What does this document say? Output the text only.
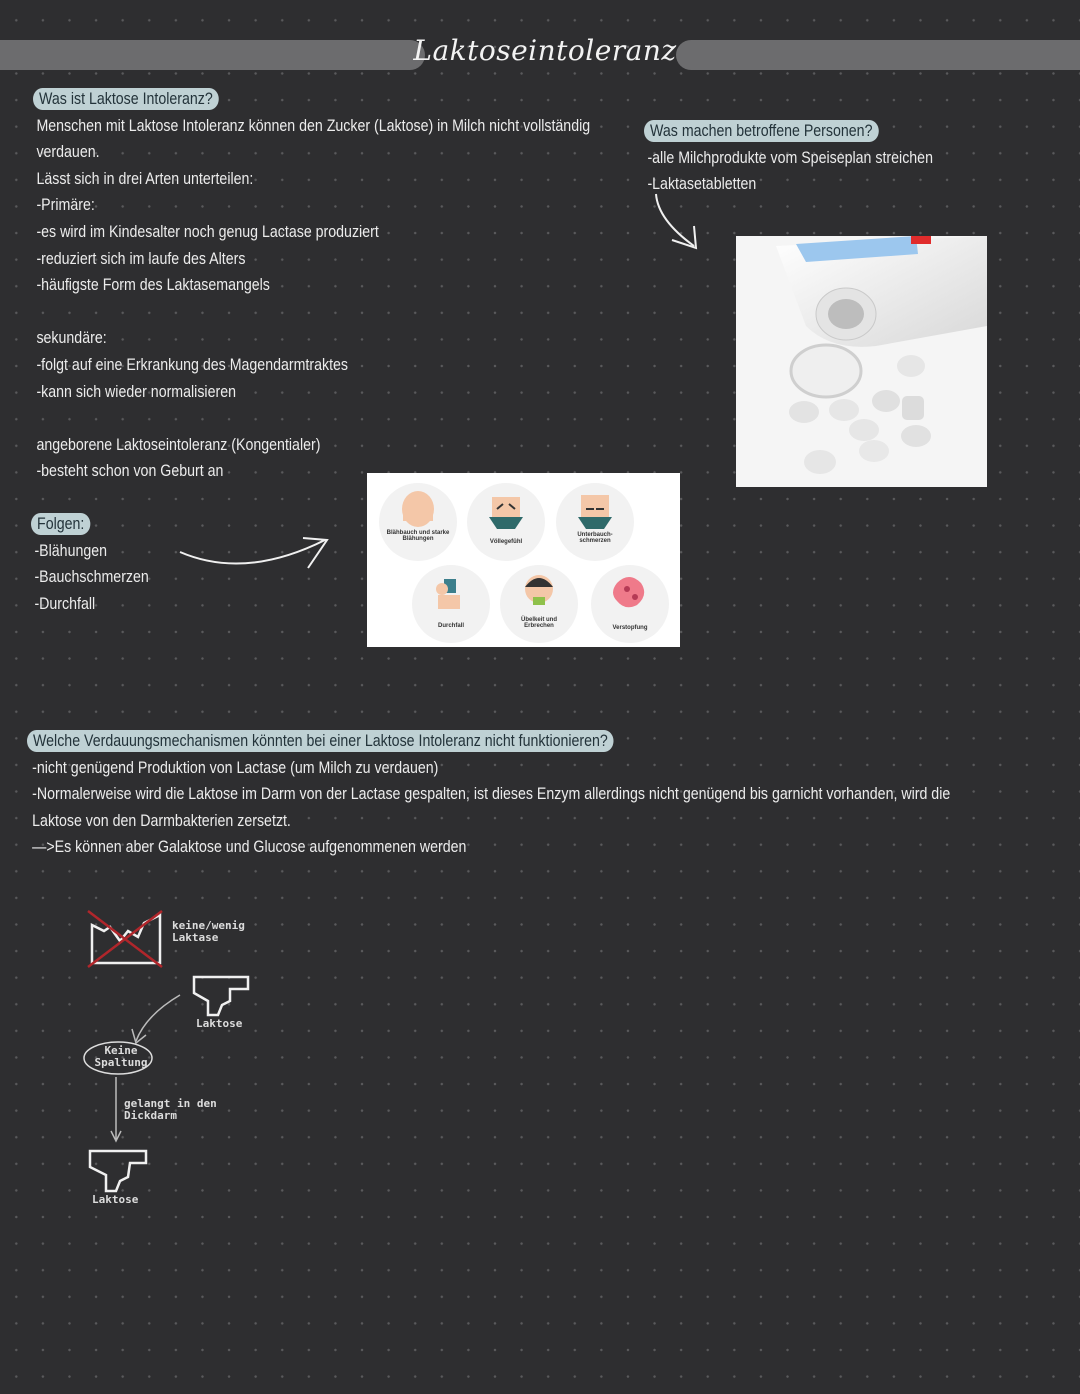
Laktoseintoleranz
Was ist Laktose Intoleranz?
Menschen mit Laktose Intoleranz können den Zucker (Laktose) in Milch nicht vollständig
verdauen.
Lässt sich in drei Arten unterteilen:
-Primäre:
-es wird im Kindesalter noch genug Lactase produziert
-reduziert sich im laufe des Alters
-häufigste Form des Laktasemangels
sekundäre:
-folgt auf eine Erkrankung des Magendarmtraktes
-kann sich wieder normalisieren
angeborene Laktoseintoleranz (Kongentialer)
-besteht schon von Geburt an
Folgen:
-Blähungen
-Bauchschmerzen
-Durchfall
Blähbauch und starke Blähungen	Völlegefühl
Unterbauch-schmerzen
Durchfall
Übelkeit und Erbrechen	Verstopfung
Was machen betroffene Personen?
-alle Milchprodukte vom Speiseplan streichen
-Laktasetabletten
Welche Verdauungsmechanismen könnten bei einer Laktose Intoleranz nicht funktionieren?
-nicht genügend Produktion von Lactase (um Milch zu verdauen)
-Normalerweise wird die Laktose im Darm von der Lactase gespalten, ist dieses Enzym allerdings nicht genügend bis garnicht vorhanden, wird die
Laktose von den Darmbakterien zersetzt.
—>Es können aber Galaktose und Glucose aufgenommenen werden
keine/wenig Laktase
Laktose
Keine Spaltung
gelangt in den Dickdarm
Laktose
